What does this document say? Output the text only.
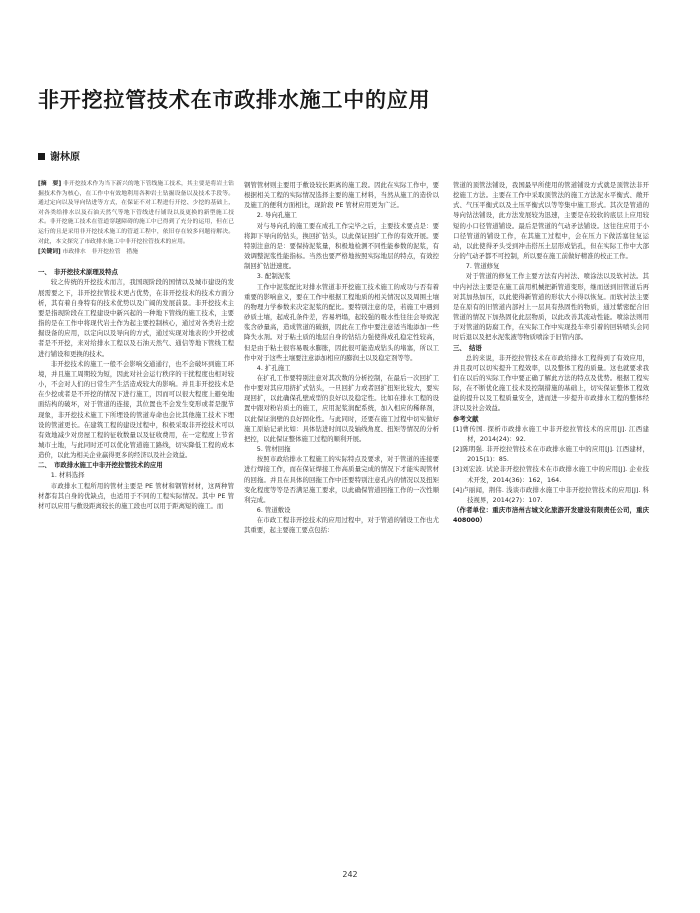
非开挖拉管技术在市政排水施工中的应用
谢林原

[摘　要] 非开挖技术作为当下新兴的地下管线施工技术，其主要是将岩土钻掘技术作为核心，在工作中有效地利用各种岩土钻掘设备以及技术手段等。通过定向以及导向钻进等方式，在保证不对工程进行开挖、少挖的基础上，对各类给排水以及石油天然气等地下管线进行铺设以及更换的新型施工技术。非开挖施工技术在管道穿越障碍的施工中已得到了充分的运用，但在已运行的且是采用非开挖技术施工的管道工程中，依旧存在较多问题待解决。对此，本文探究了市政排水施工中非开挖拉管技术的应用。

[关键词] 市政排水　非开挖拉管　措施

一、　非开挖技术原理及特点

较之传统的开挖技术而言，我国现阶段的国情以及城市建设的发展需要之下，非开挖拉管技术更占优势，在非开挖技术的技术方面分析，其有着自身特有的技术优势以及广阔的发展前景。非开挖技术主要是指现阶段在工程建设中新兴起的一种地下管线的施工技术，主要指的是在工作中将现代岩土作为起主要控制核心，通过对各类岩土挖掘设备的应用，以定向以及导向的方式，通过实现对地表的少开挖或者是不开挖，来对给排水工程以及石油天然气、通信等地下管线工程进行铺设和更换的技术。

非开挖技术的施工一般不会影响交通通行，也不会破坏到施工环境，并且施工周期较为短，因此对社会运行秩序的干扰程度也相对较小，不会对人们的日常生产生活造成较大的影响。并且非开挖技术是在少挖或者是不开挖的情况下进行施工，因而可以很大程度上避免地面结构的破坏，对于管道的连接，其位置也不会发生变形或者是脱节现象，非开挖技术施工下所埋设的管道寿命也会比其他施工技术下埋设的管道更长。在建筑工程的建设过程中，积极采取非开挖技术可以有效地减少对房屋工程的征收数量以及征收费用，在一定程度上节省城市土地，与此同时还可以优化管道施工路线，切实降低工程的成本造价，以此为相关企业赢得更多的经济以及社会效益。

二、　市政排水施工中非开挖拉管技术的应用

1. 材料选择

市政排水工程所用的管材主要是 PE 管材和钢管材材，这两种管材都有其自身的优缺点，也适用于不同的工程实际情况。其中 PE 管材可以应用与敷设距离较长的施工段也可以用于距离短的施工。而

钢管管材则主要用于敷设较长距离的施工段。因此在实际工作中，要根据相关工程的实际情况选择主要的施工材料，当然从施工的造价以及施工的便利方面相比，现阶段 PE 管材应用更为广泛。

2. 导向孔施工

对与导向孔的施工要在成孔工作完毕之后，主要技术要点是：要将卸下导向的钻头，换回扩钻头，以此保证回扩工作的有效开展。要特别注意的是：要保持泥浆量，积极地检测不同性能参数的泥浆，有效调整泥浆性能指标。当然也要严格地按照实际地层的特点，有效控制回扩钻进速度。

3. 配制泥浆

工作中泥浆配比对排水管道非开挖施工技术施工的成功与否有着重要的影响意义，要在工作中根据工程地质的相关情况以及周围土壤的物理力学参数来决定泥浆的配比。要特别注意的是，若施工中遇到砂质土壤，起成孔条件差，容易坍塌，起较强的吸水性往往会导致泥浆含砂量高，造成管道的破损，因此在工作中要注意适当地添加一些降失水剂。对于粘土质的地层自身的钻结力强使得成孔稳定性较高，但是由于粘土很容易吸水膨胀，因此很可能造成钻头的堵塞，所以工作中对于这些土壤要注意添加相应的膨润土以及稳定剂等等。

4. 扩孔施工

在扩孔工作要特别注意对其次数的分析控制，在最后一次回扩工作中要对其应用挤扩式钻头，一旦回扩力或者回扩扭矩比较大，要实现回扩，以此确保孔壁成型的良好以及稳定性。比如在排水工程的设置中跟对粉岩质土的施工，应用泥浆润配系统，加入相应的稀释剂，以此保证润壁的良好固化性。与此同时，还要在施工过程中切实做好施工原始记录比如：具体钻进时间以及轴线角度、扭矩等情况的分析把控，以此保证整体施工过程的顺利开展。

5. 管材回拖

按照市政给排水工程施工的实际特点及要求，对于管道的连接要进行焊接工作，而在保证焊接工作高质量完成的情况下才能实现管材的回拖。并且在具体的回拖工作中还要特别注意孔内的情况以及扭矩变化程度等等是否满足施工要求，以此确保管道回拖工作的一次性顺利完成。

6. 管道敷设

在市政工程非开挖技术的应用过程中，对于管道的铺设工作也尤其重要，起主要施工要点包括：

管道的顶管法铺设，我国最早所使用的管道铺设方式就是顶管法非开挖施工方法。主要在工作中采取顶管法的施工方法泥水平衡式、敞开式、气压平衡式以及土压平衡式以等等集中施工形式。其次是管道的导向钻法铺设，此方法发展较为迅速，主要是在较软的底层上应用较短的小口径管道铺设。最后是管道的气动矛法铺设。这往往应用于小口径管道的铺设工作，在其施工过程中，会在压力下做活塞往复运动，以此使得矛头受到冲击搭压土层形成钻孔，但在实际工作中大部分的气动矛都不可控制，所以要在施工前做好精准的校正工作。

7. 管道修复

对于管道的修复工作主要方法有内衬法、喷涂法以及软衬法。其中内衬法主要是在施工前用机械把新管道变形，继而送到旧管道后再对其加热加压，以此使得新管道的形状大小得以恢复。而软衬法主要是在原有的旧管道内部衬上一层具有热固性的物质，通过紫密配合旧管道的情况下加热固化此层物质，以此改善其流动性能。喷涂法则用于对管道的防腐工作，在实际工作中实现投车牵引着的回转喷头会同时后退以及把水泥浆液等物质喷涂于旧管内部。

三、　结语

总的来说，非开挖拉管技术在市政给排水工程得到了有效应用，并且我可以切实提升工程效率，以及整体工程的质量。这也就要求我们在以后的实际工作中要正确了解此方法的特点及优势。根据工程实际，在不断优化施工技术及控制措施的基础上，切实保证整体工程效益的提升以及工程质量安全，进而进一步提升市政排水工程的整体经济以及社会效益。

参考文献

[1]曹传国. 探析市政排水施工中非开挖拉管技术的应用[J]. 江西建材，2014(24)：92.

[2]陈明强. 非开挖拉管技术在市政排水施工中的应用[J]. 江西建材，2015(1)：85.

[3]刘宏波. 试论非开挖拉管技术在市政排水施工中的应用[J]. 企业技术开发，2014(36)：162，164.

[4]卢丽闻，荆伟. 浅谈市政排水施工中非开挖拉管技术的应用[J]. 科技视界，2014(27)：107.

（作者单位：重庆市涪州古城文化旅游开发建设有限责任公司，重庆 408000）

242
